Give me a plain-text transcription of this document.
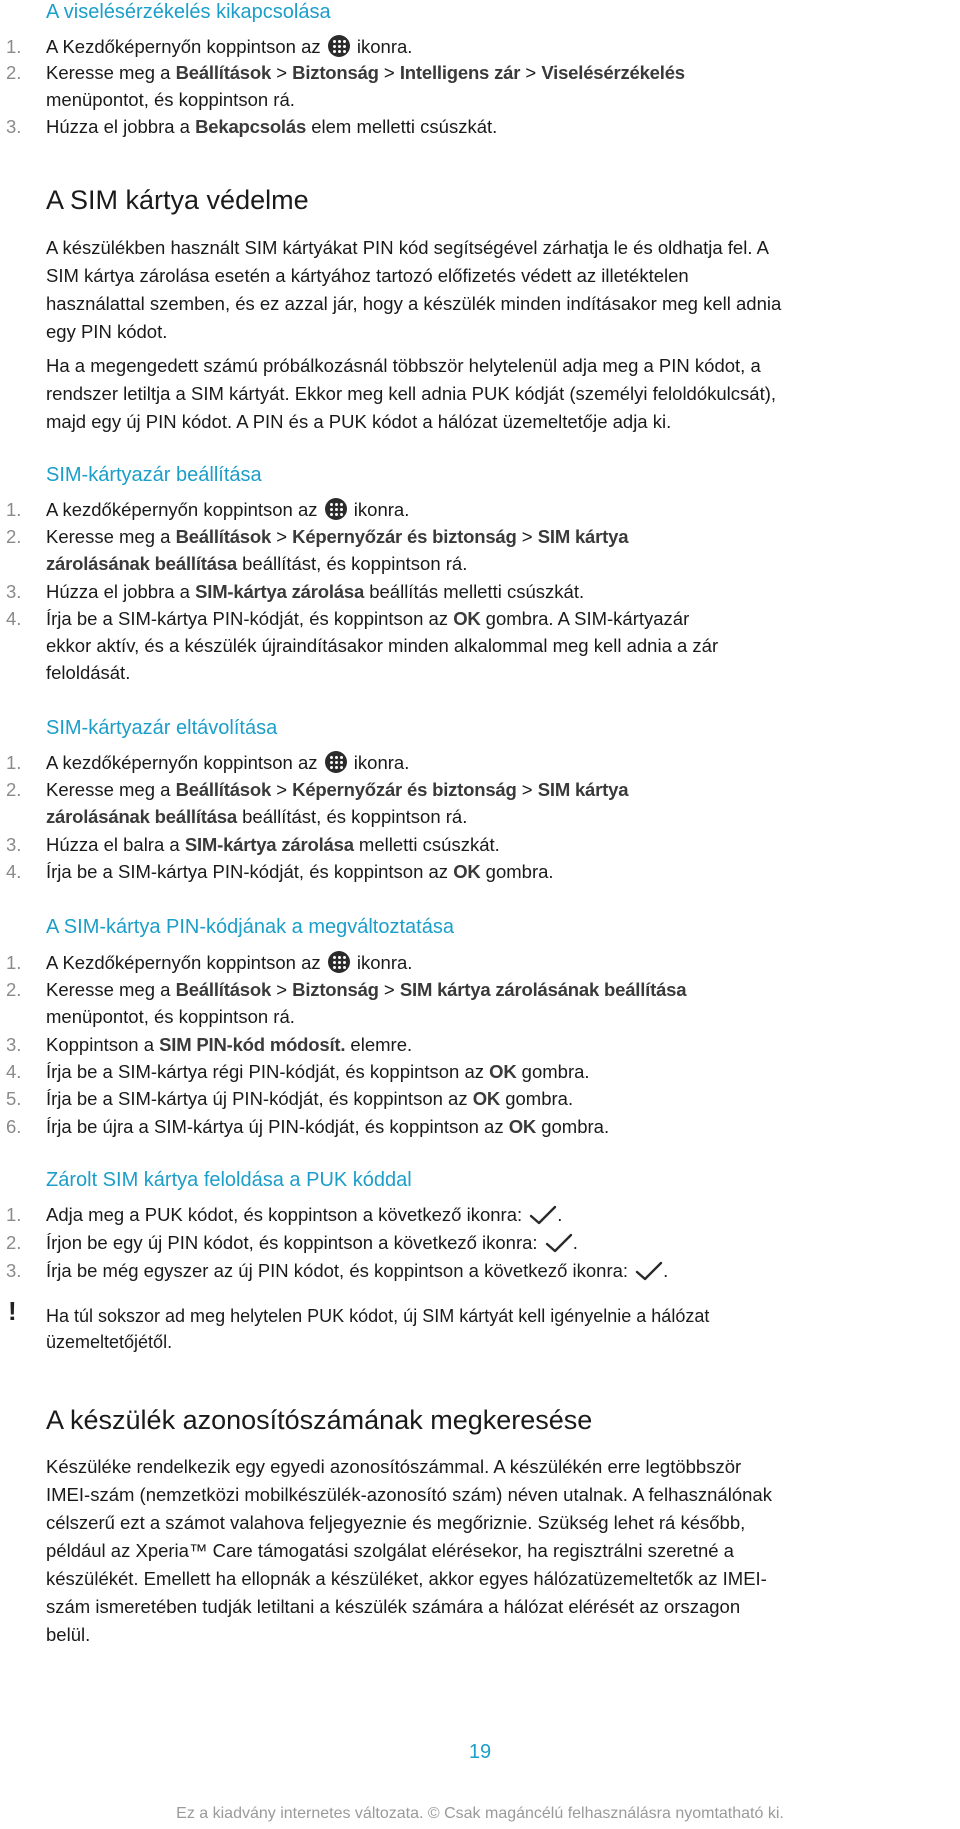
A viselésérzékelés kikapcsolása
1.	A Kezdőképernyőn koppintson az
ikonra.
2.	Keresse meg a Beállítások > Biztonság > Intelligens zár > Viselésérzékelés
menüpontot, és koppintson rá.
3.	Húzza el jobbra a Bekapcsolás elem melletti csúszkát.
A SIM kártya védelme
A készülékben használt SIM kártyákat PIN kód segítségével zárhatja le és oldhatja fel. A
SIM kártya zárolása esetén a kártyához tartozó előfizetés védett az illetéktelen
használattal szemben, és ez azzal jár, hogy a készülék minden indításakor meg kell adnia
egy PIN kódot.
Ha a megengedett számú próbálkozásnál többször helytelenül adja meg a PIN kódot, a
rendszer letiltja a SIM kártyát. Ekkor meg kell adnia PUK kódját (személyi feloldókulcsát),
majd egy új PIN kódot. A PIN és a PUK kódot a hálózat üzemeltetője adja ki.
SIM-kártyazár beállítása
1.	A kezdőképernyőn koppintson az
ikonra.
2.	Keresse meg a Beállítások > Képernyőzár és biztonság > SIM kártya
zárolásának beállítása beállítást, és koppintson rá.
3.	Húzza el jobbra a SIM-kártya zárolása beállítás melletti csúszkát.
4.	Írja be a SIM-kártya PIN-kódját, és koppintson az OK gombra. A SIM-kártyazár
ekkor aktív, és a készülék újraindításakor minden alkalommal meg kell adnia a zár
feloldását.
SIM-kártyazár eltávolítása
1.	A kezdőképernyőn koppintson az
ikonra.
2.	Keresse meg a Beállítások > Képernyőzár és biztonság > SIM kártya
zárolásának beállítása beállítást, és koppintson rá.
3.	Húzza el balra a SIM-kártya zárolása melletti csúszkát.
4.	Írja be a SIM-kártya PIN-kódját, és koppintson az OK gombra.
A SIM-kártya PIN-kódjának a megváltoztatása
1.	A Kezdőképernyőn koppintson az
ikonra.
2.	Keresse meg a Beállítások > Biztonság > SIM kártya zárolásának beállítása
menüpontot, és koppintson rá.
3.	Koppintson a SIM PIN-kód módosít. elemre.
4.	Írja be a SIM-kártya régi PIN-kódját, és koppintson az OK gombra.
5.	Írja be a SIM-kártya új PIN-kódját, és koppintson az OK gombra.
6.	Írja be újra a SIM-kártya új PIN-kódját, és koppintson az OK gombra.
Zárolt SIM kártya feloldása a PUK kóddal
1.	Adja meg a PUK kódot, és koppintson a következő ikonra: .
2.	Írjon be egy új PIN kódot, és koppintson a következő ikonra: .
3.	Írja be még egyszer az új PIN kódot, és koppintson a következő ikonra: .
! Ha túl sokszor ad meg helytelen PUK kódot, új SIM kártyát kell igényelnie a hálózat
üzemeltetőjétől.
A készülék azonosítószámának megkeresése
Készüléke rendelkezik egy egyedi azonosítószámmal. A készülékén erre legtöbbször
IMEI-szám (nemzetközi mobilkészülék-azonosító szám) néven utalnak. A felhasználónak
célszerű ezt a számot valahova feljegyeznie és megőriznie. Szükség lehet rá később,
például az Xperia™ Care támogatási szolgálat elérésekor, ha regisztrálni szeretné a
készülékét. Emellett ha ellopnák a készüléket, akkor egyes hálózatüzemeltetők az IMEI-
szám ismeretében tudják letiltani a készülék számára a hálózat elérését az orszagon
belül.
19
Ez a kiadvány internetes változata. © Csak magáncélú felhasználásra nyomtatható ki.
